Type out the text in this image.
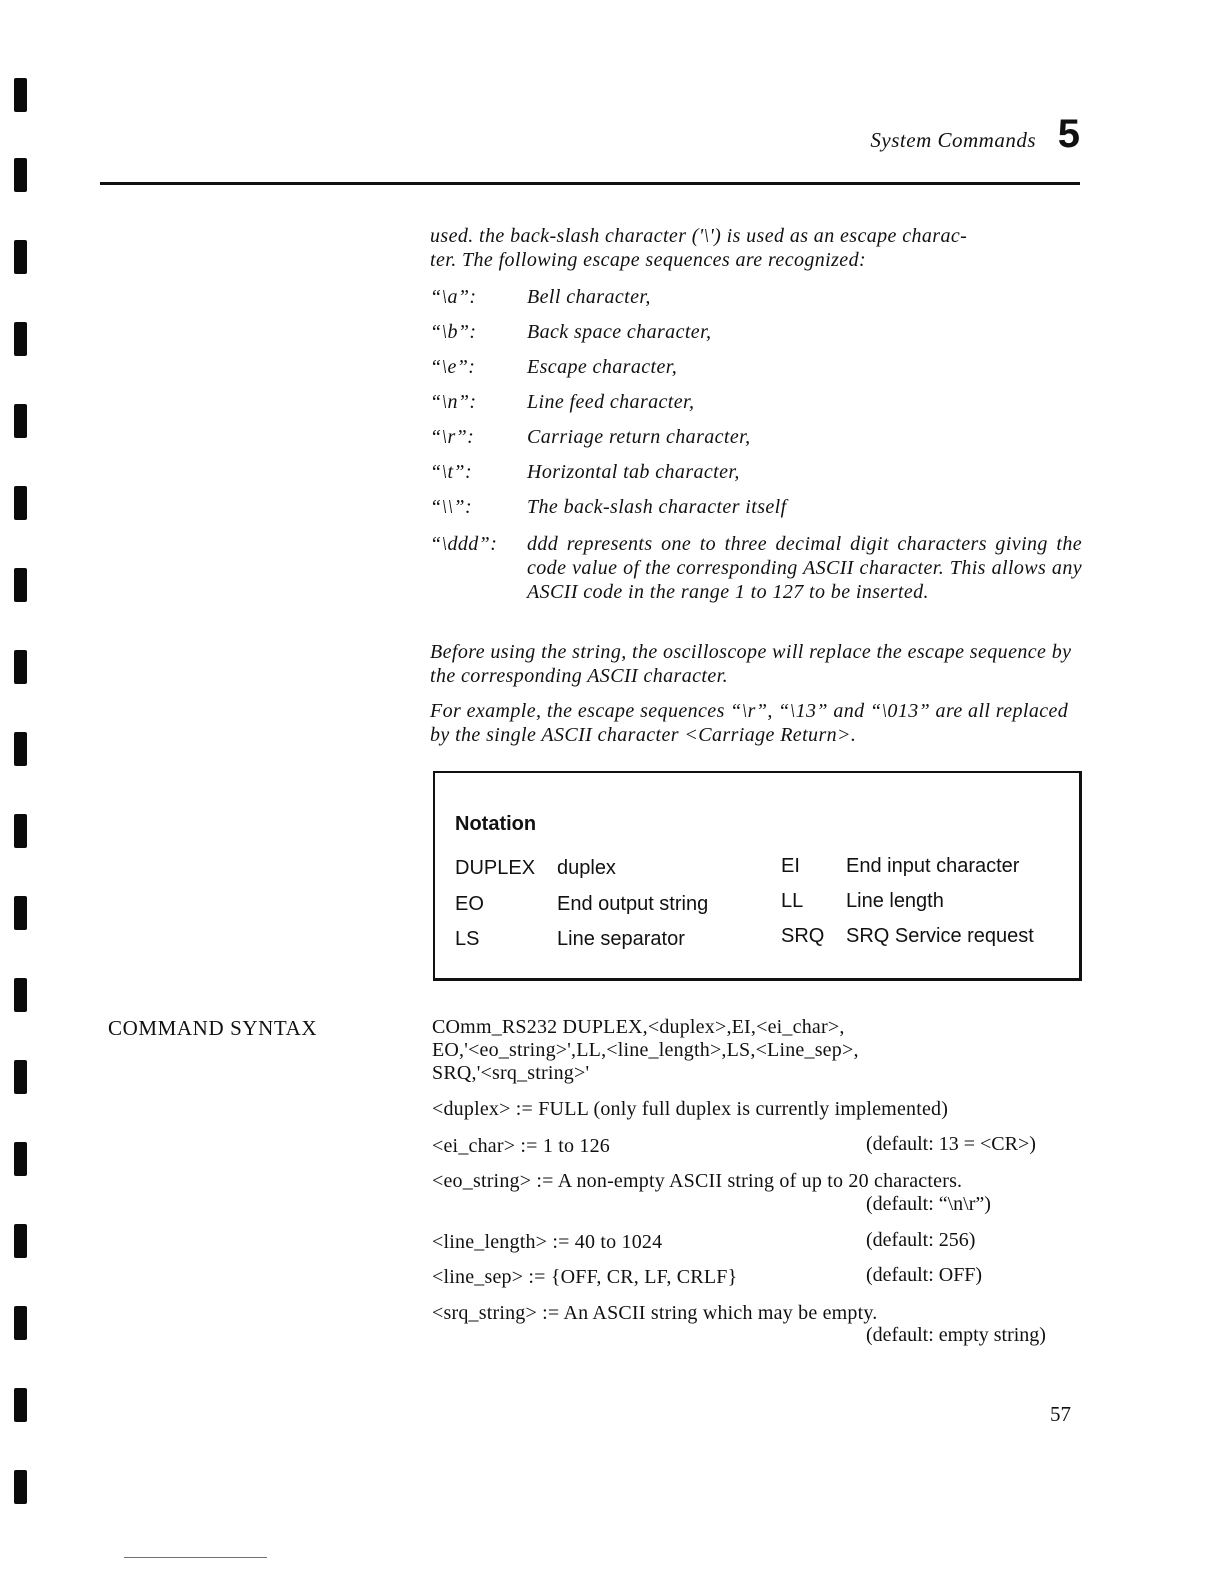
System Commands 5
used. the back-slash character ('\') is used as an escape charac-
ter. The following escape sequences are recognized:
“\a”:	Bell character,
“\b”:	Back space character,
“\e”:	Escape character,
“\n”:	Line feed character,
“\r”:	Carriage return character,
“\t”:	Horizontal tab character,
“\\”:	The back-slash character itself
“\ddd”: ddd represents one to three decimal digit characters giving the code value of the corresponding ASCII character. This allows any ASCII code in the range 1 to 127 to be inserted.
Before using the string, the oscilloscope will replace the escape sequence by the corresponding ASCII character.
For example, the escape sequences “\r”, “\13” and “\013” are all replaced by the single ASCII character <Carriage Return>.
Notation
DUPLEX duplex	EI End input character
EO	End output string	LL Line length
LS	Line separator	SRQ SRQ Service request
COMMAND SYNTAX	COmm_RS232 DUPLEX,<duplex>,EI,<ei_char>,
EO,'<eo_string>',LL,<line_length>,LS,<Line_sep>,
SRQ,'<srq_string>'
<duplex> := FULL (only full duplex is currently implemented)
<ei_char> := 1 to 126	(default: 13 = <CR>)
<eo_string> := A non-empty ASCII string of up to 20 characters.
(default: “\n\r”)
<line_length> := 40 to 1024	(default: 256)
<line_sep> := {OFF, CR, LF, CRLF}	(default: OFF)
<srq_string> := An ASCII string which may be empty.
(default: empty string)
57
